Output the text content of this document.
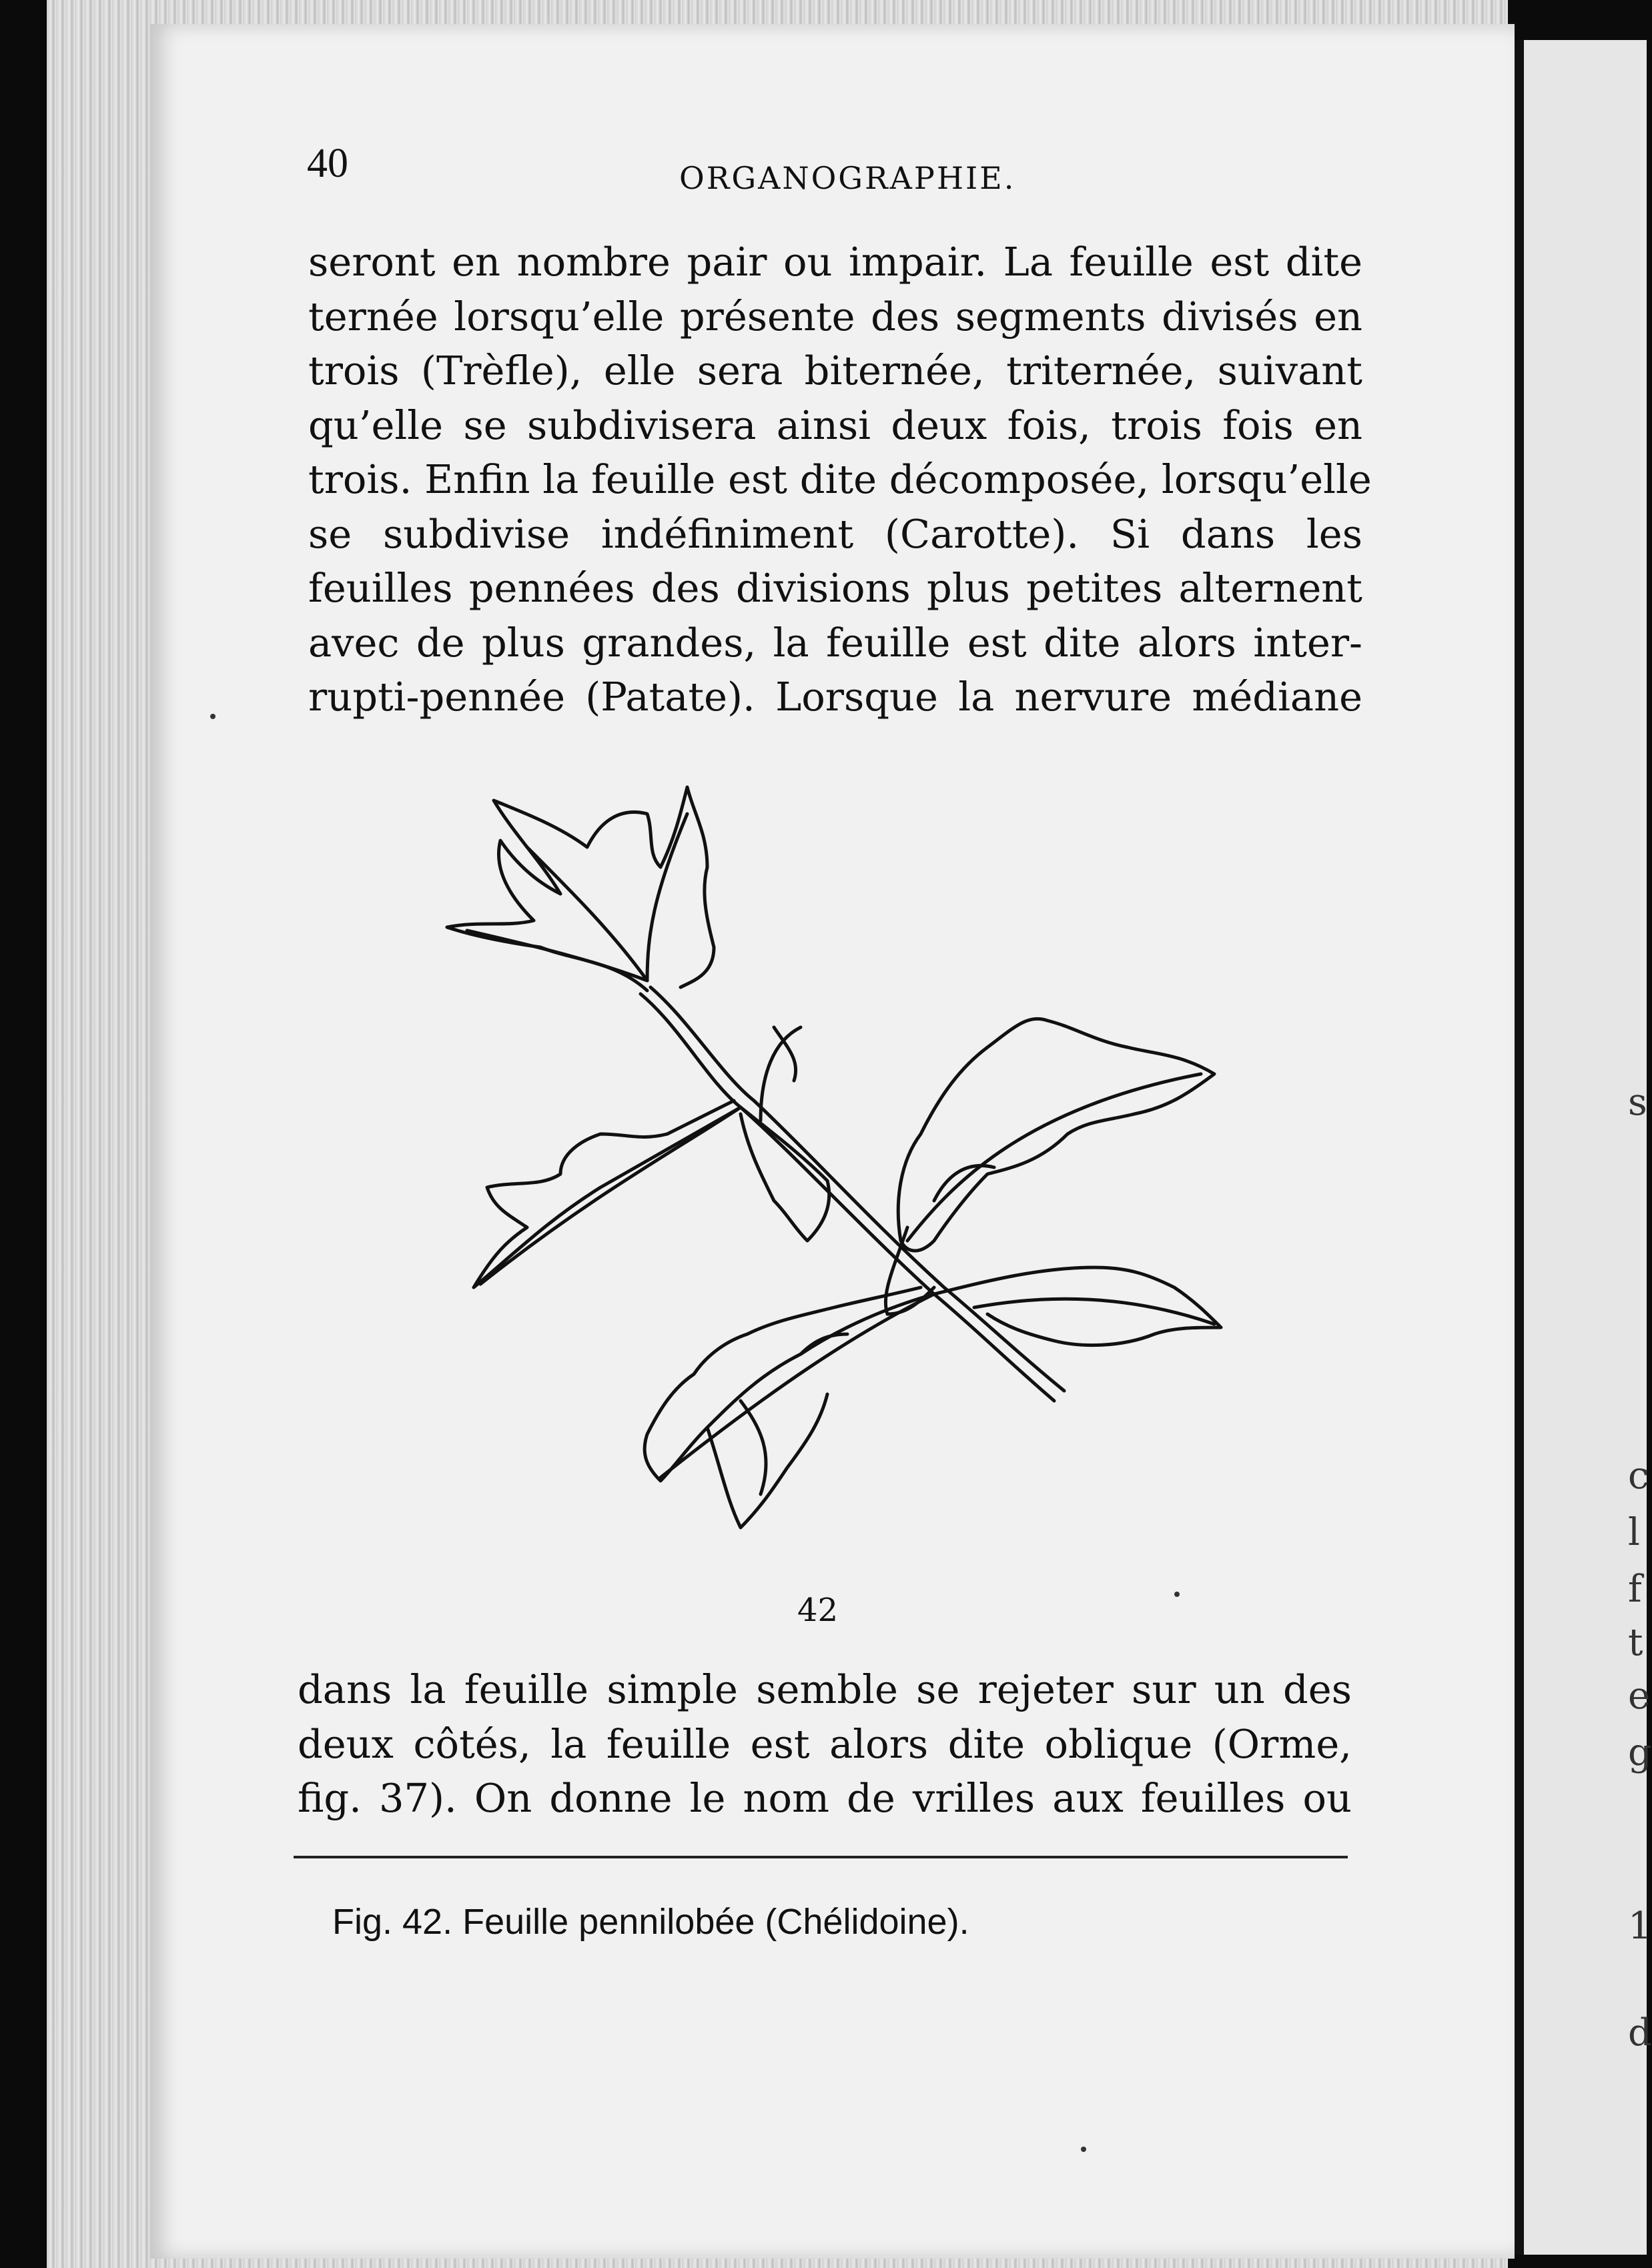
s
c
l
f
t
e
g
1
d
40	ORGANOGRAPHIE.

seront en nombre pair ou impair. La feuille est dite
ternée lorsqu’elle présente des segments divisés en
trois (Trèfle), elle sera biternée, triternée, suivant
qu’elle se subdivisera ainsi deux fois, trois fois en
trois. Enfin la feuille est dite décomposée, lorsqu’elle
se subdivise indéfiniment (Carotte). Si dans les
feuilles pennées des divisions plus petites alternent
avec de plus grandes, la feuille est dite alors inter-
rupti-pennée (Patate). Lorsque la nervure médiane

42

dans la feuille simple semble se rejeter sur un des
deux côtés, la feuille est alors dite oblique (Orme,
fig. 37). On donne le nom de vrilles aux feuilles ou

Fig. 42. Feuille pennilobée (Chélidoine).
